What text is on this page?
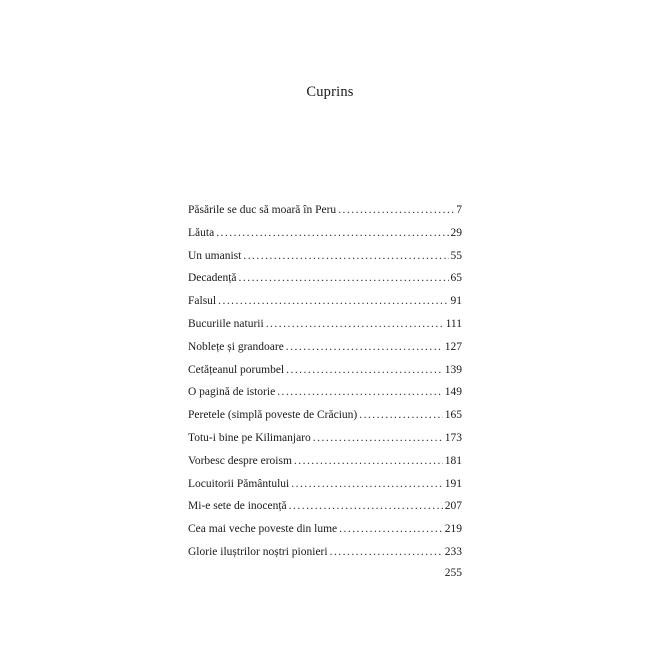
Cuprins
Păsările se duc să moară în Peru . . .	7
Lăuta . . .	29
Un umanist . . .	55
Decadență . . .	65
Falsul . . .	91
Bucuriile naturii . . .	111
Noblețe și grandoare . . .	127
Cetățeanul porumbel . . .	139
O pagină de istorie . . .	149
Peretele (simplă poveste de Crăciun) . . .	165
Totu-i bine pe Kilimanjaro . . .	173
Vorbesc despre eroism . . .	181
Locuitorii Pământului . . .	191
Mi-e sete de inocență . . .	207
Cea mai veche poveste din lume . . .	219
Glorie iluștrilor noștri pionieri . . .	233
255
